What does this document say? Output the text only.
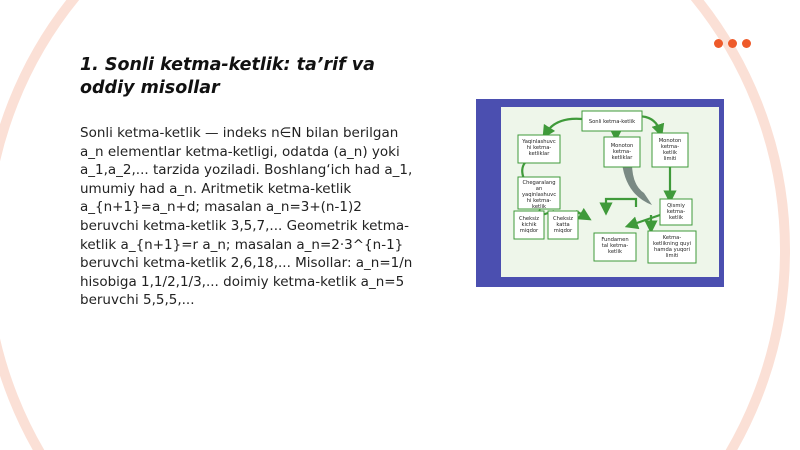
1. Sonli ketma-ketlik: ta’rif va oddiy misollar

Sonli ketma-ketlik — indeks n∈N bilan berilgan a_n elementlar ketma-ketligi, odatda (a_n) yoki a_1,a_2,... tarzida yoziladi. Boshlang‘ich had a_1, umumiy had a_n. Aritmetik ketma-ketlik a_{n+1}=a_n+d; masalan a_n=3+(n-1)2 beruvchi ketma-ketlik 3,5,7,... Geometrik ketma-ketlik a_{n+1}=r a_n; masalan a_n=2·3^{n-1} beruvchi ketma-ketlik 2,6,18,... Misollar: a_n=1/n hisobiga 1,1/2,1/3,... doimiy ketma-ketlik a_n=5 beruvchi 5,5,5,...

Sonli ketma-ketlik
Yaqinlashuvc
hi ketma-
ketliklar
Monoton
ketma-
ketliklar
Monoton
ketma-
ketlik
limiti
Chegaralang
an
yaqinlashuvc
hi ketma-
ketlik
Cheksiz
kichik
miqdor
Cheksiz
katta
miqdor
Qismiy
ketma-
ketlik
Fundamen
tal ketma-
ketlik
Ketma-
ketlikning quyi
hamda yuqori
limiti
